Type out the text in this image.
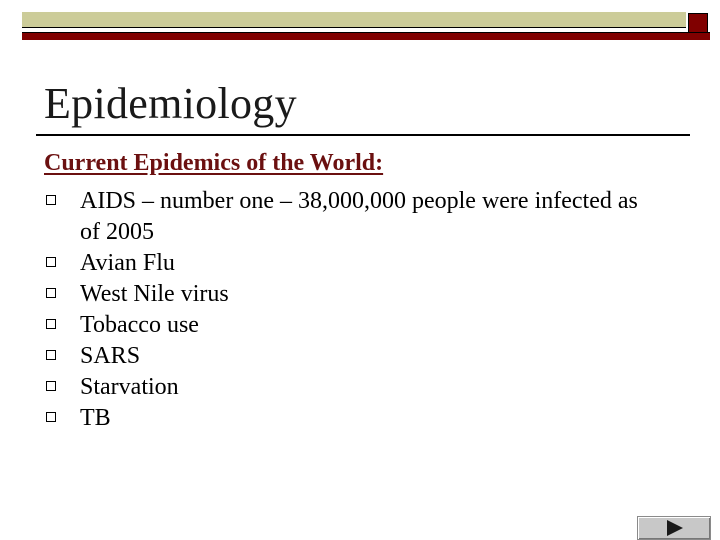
Epidemiology

Current Epidemics of the World:

AIDS – number one – 38,000,000 people were infected as of 2005
Avian Flu
West Nile virus
Tobacco use
SARS
Starvation
TB
